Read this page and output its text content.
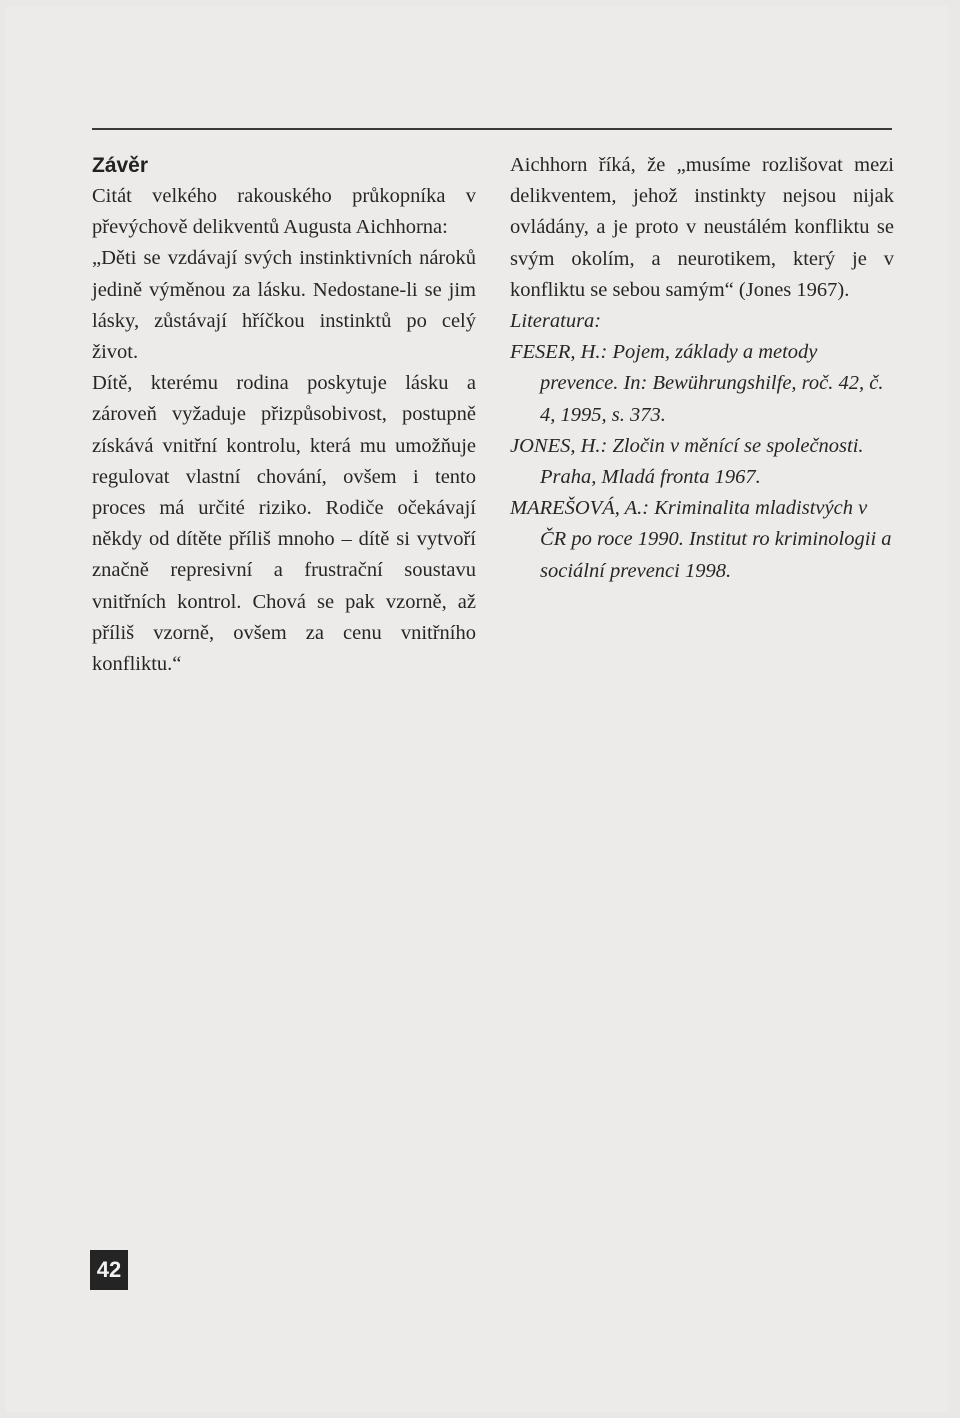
Závěr

Citát velkého rakouského průkopníka v převýchově delikventů Augusta Aichhorna:

„Děti se vzdávají svých instinktivních nároků jedině výměnou za lásku. Nedostane-li se jim lásky, zůstávají hříčkou instinktů po celý život.

Dítě, kterému rodina poskytuje lásku a zároveň vyžaduje přizpůsobivost, postupně získává vnitřní kontrolu, která mu umožňuje regulovat vlastní chování, ovšem i tento proces má určité riziko. Rodiče očekávají někdy od dítěte příliš mnoho – dítě si vytvoří značně represivní a frustrační soustavu vnitřních kontrol. Chová se pak vzorně, až příliš vzorně, ovšem za cenu vnitřního konfliktu.“

Aichhorn říká, že „musíme rozlišovat mezi delikventem, jehož instinkty nejsou nijak ovládány, a je proto v neustálém konfliktu se svým okolím, a neurotikem, který je v konfliktu se sebou samým“ (Jones 1967).

Literatura:

FESER, H.: Pojem, základy a metody prevence. In: Bewührungshilfe, roč. 42, č. 4, 1995, s. 373.

JONES, H.: Zločin v měnící se společnosti. Praha, Mladá fronta 1967.

MAREŠOVÁ, A.: Kriminalita mladistvých v ČR po roce 1990. Institut ro kriminologii a sociální prevenci 1998.

42
